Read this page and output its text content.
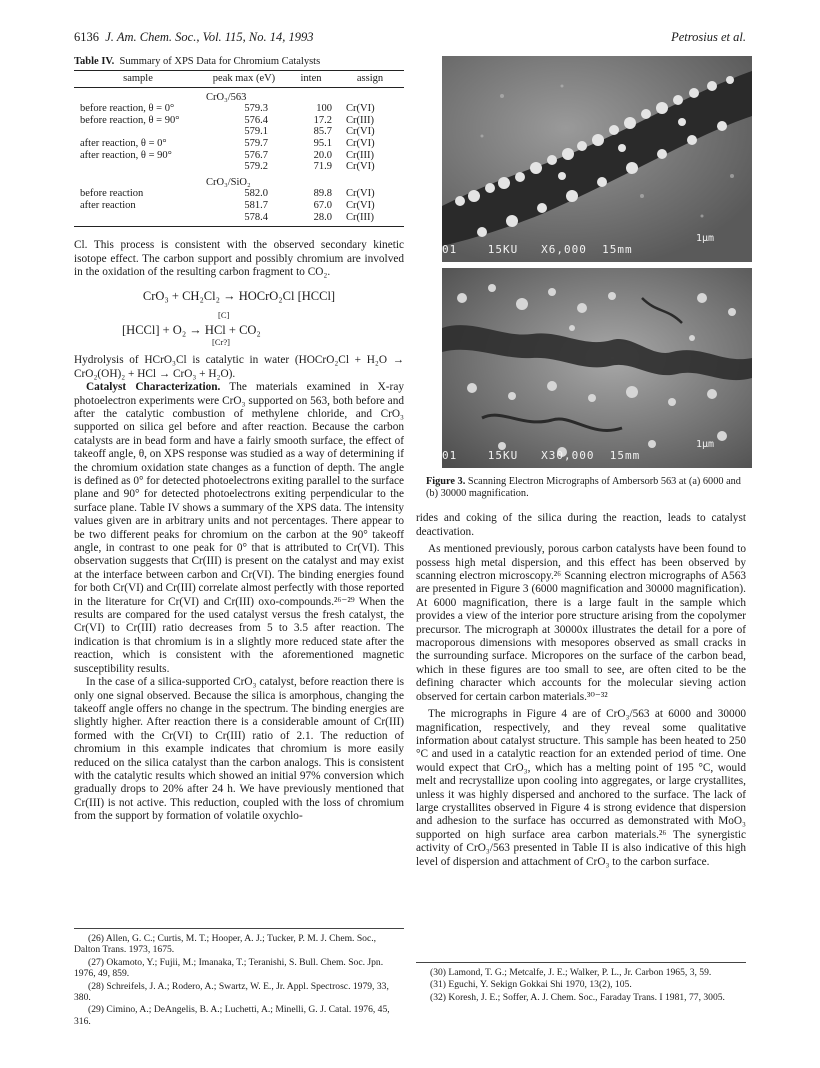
6136 J. Am. Chem. Soc., Vol. 115, No. 14, 1993	Petrosius et al.
Table IV. Summary of XPS Data for Chromium Catalysts
sample	peak max (eV)	inten	assign
	CrO₃/563		
before reaction, θ = 0°	579.3	100	Cr(VI)
before reaction, θ = 90°	576.4	17.2	Cr(III)
	579.1	85.7	Cr(VI)
after reaction, θ = 0°	579.7	95.1	Cr(VI)
after reaction, θ = 90°	576.7	20.0	Cr(III)
	579.2	71.9	Cr(VI)
	CrO₃/SiO₂		
before reaction	582.0	89.8	Cr(VI)
after reaction	581.7	67.0	Cr(VI)
	578.4	28.0	Cr(III)

Cl. This process is consistent with the observed secondary kinetic isotope effect. The carbon support and possibly chromium are involved in the oxidation of the resulting carbon fragment to CO₂.

CrO₃ + CH₂Cl₂ → HOCrO₂Cl [HCCl]
[C]
[HCCl] + O₂ → HCl + CO₂
[Cr?]

Hydrolysis of HCrO₃Cl is catalytic in water (HOCrO₂Cl + H₂O → CrO₂(OH)₂ + HCl → CrO₃ + H₂O).

Catalyst Characterization. The materials examined in X-ray photoelectron experiments were CrO₃ supported on 563, both before and after the catalytic combustion of methylene chloride, and CrO₃ supported on silica gel before and after reaction. Because the carbon catalysts are in bead form and have a fairly smooth surface, the effect of takeoff angle, θ, on XPS response was studied as a way of determining if the chromium oxidation state changes as a function of depth. The angle is defined as 0° for detected photoelectrons exiting parallel to the surface plane and 90° for detected photoelectrons exiting perpendicular to the surface plane. Table IV shows a summary of the XPS data. The intensity values given are in arbitrary units and not percentages. There appear to be two different peaks for chromium on the carbon at the 90° takeoff angle, in contrast to one peak for 0° that is attributed to Cr(VI). This observation suggests that Cr(III) is present on the catalyst and may exist at the interface between carbon and Cr(VI). The binding energies found for both Cr(VI) and Cr(III) correlate almost perfectly with those reported in the literature for Cr(VI) and Cr(III) oxo-compounds.²⁶⁻²⁹ When the results are compared for the used catalyst versus the fresh catalyst, the Cr(VI) to Cr(III) ratio decreases from 5 to 3.5 after reaction. The indication is that chromium is in a slightly more reduced state after the reaction, which is consistent with the aforementioned magnetic susceptibility results.

In the case of a silica-supported CrO₃ catalyst, before reaction there is only one signal observed. Because the silica is amorphous, changing the takeoff angle offers no change in the spectrum. The binding energies are slightly higher. After reaction there is a considerable amount of Cr(III) formed with the Cr(VI) to Cr(III) ratio of 2.1. The reduction of chromium in this example indicates that chromium is more easily reduced on the silica catalyst than the carbon analogs. This is consistent with the catalytic results which showed an initial 97% conversion which gradually drops to 20% after 24 h. We have previously mentioned that Cr(III) is not active. This reduction, coupled with the loss of chromium from the support by formation of volatile oxychlo-

(26) Allen, G. C.; Curtis, M. T.; Hooper, A. J.; Tucker, P. M. J. Chem. Soc., Dalton Trans. 1973, 1675.
(27) Okamoto, Y.; Fujii, M.; Imanaka, T.; Teranishi, S. Bull. Chem. Soc. Jpn. 1976, 49, 859.
(28) Schreifels, J. A.; Rodero, A.; Swartz, W. E., Jr. Appl. Spectrosc. 1979, 33, 380.
(29) Cimino, A.; DeAngelis, B. A.; Luchetti, A.; Minelli, G. J. Catal. 1976, 45, 316.
1μm
01    15KU   X6,000  15mm
1μm
01    15KU   X30,000  15mm

Figure 3. Scanning Electron Micrographs of Ambersorb 563 at (a) 6000 and (b) 30000 magnification.

rides and coking of the silica during the reaction, leads to catalyst deactivation.

As mentioned previously, porous carbon catalysts have been found to possess high metal dispersion, and this effect has been observed by scanning electron microscopy.²⁶ Scanning electron micrographs of A563 are presented in Figure 3 (6000 magnification and 30000 magnification). At 6000 magnification, there is a large fault in the sample which provides a view of the interior pore structure arising from the copolymer precursor. The micrograph at 30000x illustrates the detail for a pore of macroporous dimensions with mesopores observed as small cracks in the surrounding surface. Micropores on the surface of the carbon bead, which in these figures are too small to see, are often cited to be the defining character which accounts for the molecular sieving action observed for certain carbon materials.³⁰⁻³²

The micrographs in Figure 4 are of CrO₃/563 at 6000 and 30000 magnification, respectively, and they reveal some qualitative information about catalyst structure. This sample has been heated to 250 °C and used in a catalytic reaction for an extended period of time. One would expect that CrO₃, which has a melting point of 195 °C, would melt and recrystallize upon cooling into aggregates, or large crystallites, unless it was highly dispersed and anchored to the surface. The lack of large crystallites observed in Figure 4 is strong evidence that dispersion and adhesion to the surface has occurred as demonstrated with MoO₃ supported on high surface area carbon materials.²⁶ The synergistic activity of CrO₃/563 presented in Table II is also indicative of this high level of dispersion and attachment of CrO₃ to the carbon surface.

(30) Lamond, T. G.; Metcalfe, J. E.; Walker, P. L., Jr. Carbon 1965, 3, 59.
(31) Eguchi, Y. Sekign Gokkai Shi 1970, 13(2), 105.
(32) Koresh, J. E.; Soffer, A. J. Chem. Soc., Faraday Trans. I 1981, 77, 3005.
